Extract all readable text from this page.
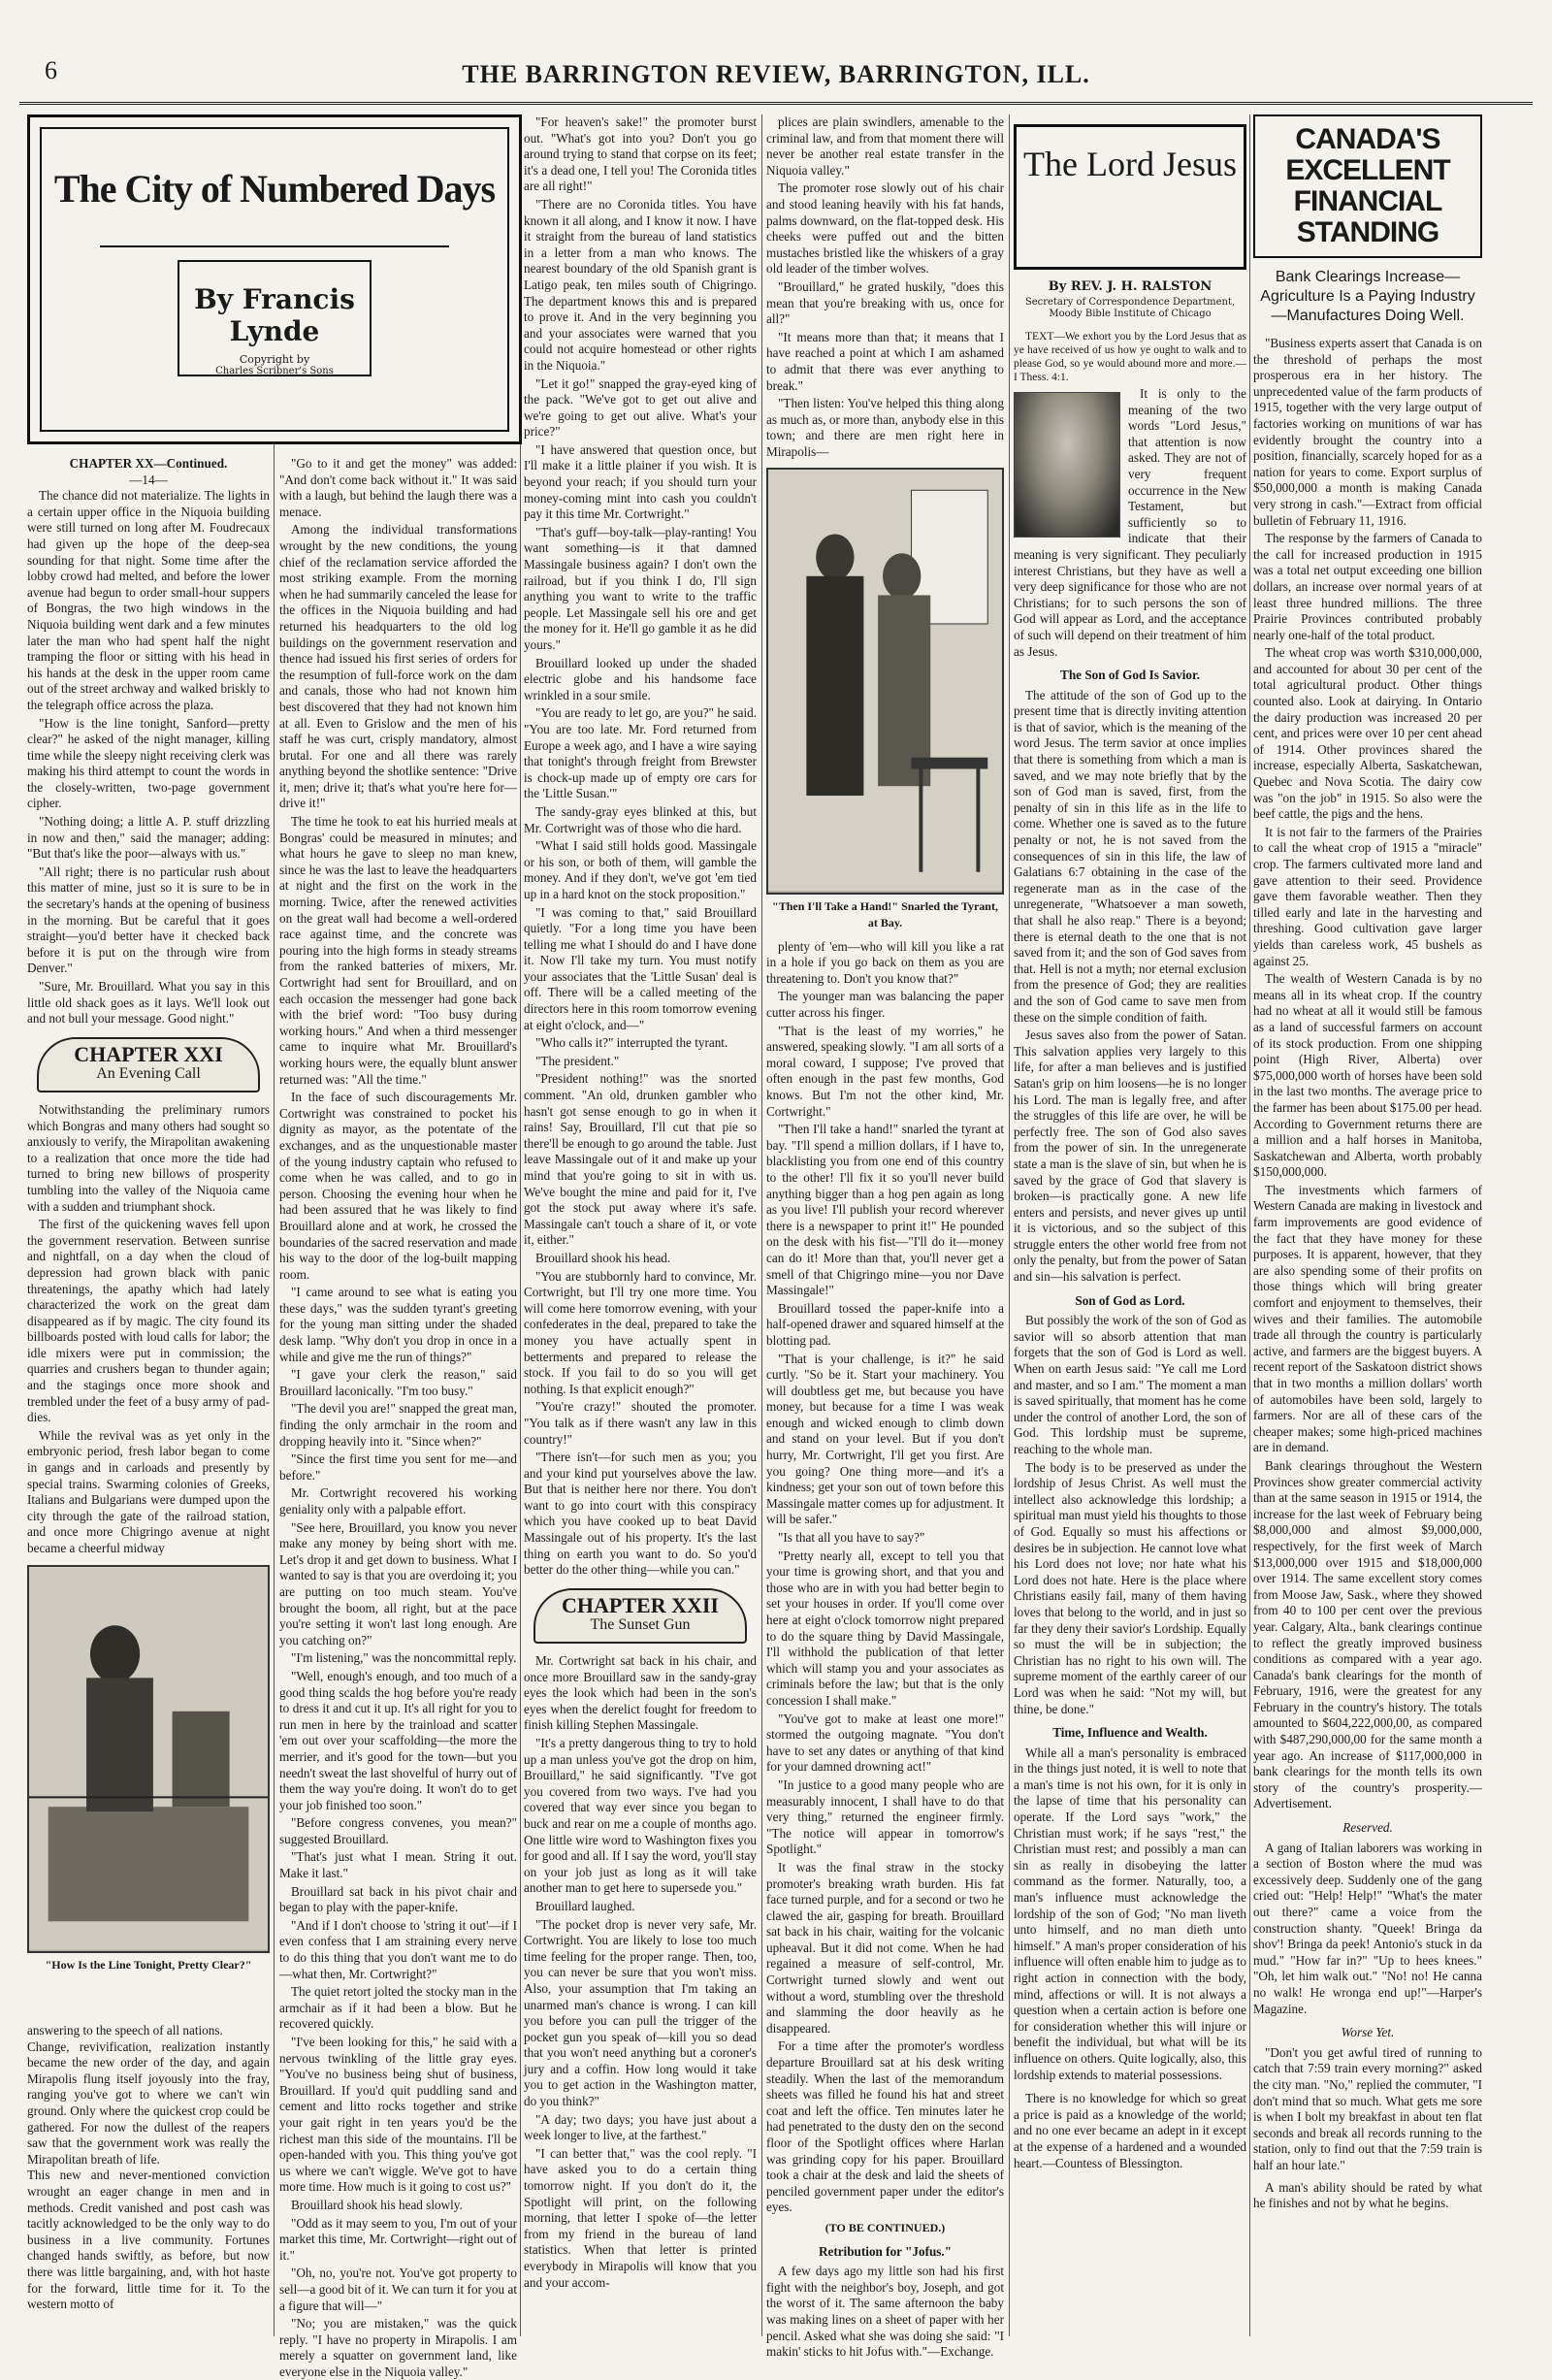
6	THE BARRINGTON REVIEW, BARRINGTON, ILL.
The City of Numbered Days
By Francis Lynde
Copyright by
Charles Scribner's Sons
CHAPTER XX—Continued.
—14—

The chance did not materialize. The lights in a certain upper office in the Niquoia building were still turned on long after M. Foudrecaux had given up the hope of the deep-sea sounding for that night. Some time after the lobby crowd had melted, and before the lower avenue had begun to order small-hour suppers of Bongras, the two high windows in the Niquoia building went dark and a few minutes later the man who had spent half the night tramping the floor or sitting with his head in his hands at the desk in the upper room came out of the street archway and walked briskly to the telegraph office across the plaza.

"How is the line tonight, Sanford—pretty clear?" he asked of the night manager, killing time while the sleepy night receiving clerk was making his third attempt to count the words in the closely-written, two-page government cipher.

"Nothing doing; a little A. P. stuff drizzling in now and then," said the manager; adding: "But that's like the poor—always with us."

"All right; there is no particular rush about this matter of mine, just so it is sure to be in the secretary's hands at the opening of business in the morning. But be careful that it goes straight—you'd better have it checked back before it is put on the through wire from Denver."

"Sure, Mr. Brouillard. What you say in this little old shack goes as it lays. We'll look out and not bull your message. Good night."

CHAPTER XXI
An Evening Call

Notwithstanding the preliminary rumors which Bongras and many others had sought so anxiously to verify, the Mirapolitan awakening to a realization that once more the tide had turned to bring new billows of prosperity tumbling into the valley of the Niquoia came with a sudden and triumphant shock.

The first of the quickening waves fell upon the government reservation. Between sunrise and nightfall, on a day when the cloud of depression had grown black with panic threatenings, the apathy which had lately characterized the work on the great dam disappeared as if by magic. The city found its billboards posted with loud calls for labor; the idle mixers were put in commission; the quarries and crushers began to thunder again; and the stagings once more shook and trembled under the feet of a busy army of pad-dies.

While the revival was as yet only in the embryonic period, fresh labor began to come in gangs and in carloads and presently by special trains. Swarming colonies of Greeks, Italians and Bulgarians were dumped upon the city through the gate of the railroad station, and once more Chigringo avenue at night became a cheerful midway

"How Is the Line Tonight, Pretty Clear?"

answering to the speech of all nations.

Change, revivification, realization instantly became the new order of the day, and again Mirapolis flung itself joyously into the fray, ranging you've got to where we can't win ground. Only where the quickest crop could be gathered. For now the dullest of the reapers saw that the government work was really the Mirapolitan breath of life.

This new and never-mentioned conviction wrought an eager change in men and in methods. Credit vanished and post cash was tacitly acknowledged to be the only way to do business in a live community. Fortunes changed hands swiftly, as before, but now there was little bargaining, and, with hot haste for the forward, little time for it. To the western motto of

"Go to it and get the money" was added: "And don't come back without it." It was said with a laugh, but behind the laugh there was a menace.

Among the individual transformations wrought by the new conditions, the young chief of the reclamation service afforded the most striking example. From the morning when he had summarily canceled the lease for the offices in the Niquoia building and had returned his headquarters to the old log buildings on the government reservation and thence had issued his first series of orders for the resumption of full-force work on the dam and canals, those who had not known him best discovered that they had not known him at all. Even to Grislow and the men of his staff he was curt, crisply mandatory, almost brutal. For one and all there was rarely anything beyond the shotlike sentence: "Drive it, men; drive it; that's what you're here for—drive it!"

The time he took to eat his hurried meals at Bongras' could be measured in minutes; and what hours he gave to sleep no man knew, since he was the last to leave the headquarters at night and the first on the work in the morning. Twice, after the renewed activities on the great wall had become a well-ordered race against time, and the concrete was pouring into the high forms in steady streams from the ranked batteries of mixers, Mr. Cortwright had sent for Brouillard, and on each occasion the messenger had gone back with the brief word: "Too busy during working hours." And when a third messenger came to inquire what Mr. Brouillard's working hours were, the equally blunt answer returned was: "All the time."

In the face of such discouragements Mr. Cortwright was constrained to pocket his dignity as mayor, as the potentate of the exchanges, and as the unquestionable master of the young industry captain who refused to come when he was called, and to go in person. Choosing the evening hour when he had been assured that he was likely to find Brouillard alone and at work, he crossed the boundaries of the sacred reservation and made his way to the door of the log-built mapping room.

"I came around to see what is eating you these days," was the sudden tyrant's greeting for the young man sitting under the shaded desk lamp. "Why don't you drop in once in a while and give me the run of things?"

"I gave your clerk the reason," said Brouillard laconically. "I'm too busy."

"The devil you are!" snapped the great man, finding the only armchair in the room and dropping heavily into it. "Since when?"

"Since the first time you sent for me—and before."

Mr. Cortwright recovered his working geniality only with a palpable effort.

"See here, Brouillard, you know you never make any money by being short with me. Let's drop it and get down to business. What I wanted to say is that you are overdoing it; you are putting on too much steam. You've brought the boom, all right, but at the pace you're setting it won't last long enough. Are you catching on?"

"I'm listening," was the noncommittal reply.

"Well, enough's enough, and too much of a good thing scalds the hog before you're ready to dress it and cut it up. It's all right for you to run men in here by the trainload and scatter 'em out over your scaffolding—the more the merrier, and it's good for the town—but you needn't sweat the last shovelful of hurry out of them the way you're doing. It won't do to get your job finished too soon."

"Before congress convenes, you mean?" suggested Brouillard.

"That's just what I mean. String it out. Make it last."

Brouillard sat back in his pivot chair and began to play with the paper-knife.

"And if I don't choose to 'string it out'—if I even confess that I am straining every nerve to do this thing that you don't want me to do—what then, Mr. Cortwright?"

The quiet retort jolted the stocky man in the armchair as if it had been a blow. But he recovered quickly.

"I've been looking for this," he said with a nervous twinkling of the little gray eyes. "You've no business being shut of business, Brouillard. If you'd quit puddling sand and cement and litto rocks together and strike your gait right in ten years you'd be the richest man this side of the mountains. I'll be open-handed with you. This thing you've got us where we can't wiggle. We've got to have more time. How much is it going to cost us?"

Brouillard shook his head slowly.

"Odd as it may seem to you, I'm out of your market this time, Mr. Cortwright—right out of it."

"Oh, no, you're not. You've got property to sell—a good bit of it. We can turn it for you at a figure that will—"

"No; you are mistaken," was the quick reply. "I have no property in Mirapolis. I am merely a squatter on government land, like everyone else in the Niquoia valley."

"For heaven's sake!" the promoter burst out. "What's got into you? Don't you go around trying to stand that corpse on its feet; it's a dead one, I tell you! The Coronida titles are all right!"

"There are no Coronida titles. You have known it all along, and I know it now. I have it straight from the bureau of land statistics in a letter from a man who knows. The nearest boundary of the old Spanish grant is Latigo peak, ten miles south of Chigringo. The department knows this and is prepared to prove it. And in the very beginning you and your associates were warned that you could not acquire homestead or other rights in the Niquoia."

"Let it go!" snapped the gray-eyed king of the pack. "We've got to get out alive and we're going to get out alive. What's your price?"

"I have answered that question once, but I'll make it a little plainer if you wish. It is beyond your reach; if you should turn your money-coming mint into cash you couldn't pay it this time Mr. Cortwright."

"That's guff—boy-talk—play-ranting! You want something—is it that damned Massingale business again? I don't own the railroad, but if you think I do, I'll sign anything you want to write to the traffic people. Let Massingale sell his ore and get the money for it. He'll go gamble it as he did yours."

Brouillard looked up under the shaded electric globe and his handsome face wrinkled in a sour smile.

"You are ready to let go, are you?" he said. "You are too late. Mr. Ford returned from Europe a week ago, and I have a wire saying that tonight's through freight from Brewster is chock-up made up of empty ore cars for the 'Little Susan.'"

The sandy-gray eyes blinked at this, but Mr. Cortwright was of those who die hard.

"What I said still holds good. Massingale or his son, or both of them, will gamble the money. And if they don't, we've got 'em tied up in a hard knot on the stock proposition."

"I was coming to that," said Brouillard quietly. "For a long time you have been telling me what I should do and I have done it. Now I'll take my turn. You must notify your associates that the 'Little Susan' deal is off. There will be a called meeting of the directors here in this room tomorrow evening at eight o'clock, and—"

"Who calls it?" interrupted the tyrant.

"The president."

"President nothing!" was the snorted comment. "An old, drunken gambler who hasn't got sense enough to go in when it rains! Say, Brouillard, I'll cut that pie so there'll be enough to go around the table. Just leave Massingale out of it and make up your mind that you're going to sit in with us. We've bought the mine and paid for it, I've got the stock put away where it's safe. Massingale can't touch a share of it, or vote it, either."

Brouillard shook his head.

"You are stubbornly hard to convince, Mr. Cortwright, but I'll try one more time. You will come here tomorrow evening, with your confederates in the deal, prepared to take the money you have actually spent in betterments and prepared to release the stock. If you fail to do so you will get nothing. Is that explicit enough?"

"You're crazy!" shouted the promoter. "You talk as if there wasn't any law in this country!"

"There isn't—for such men as you; you and your kind put yourselves above the law. But that is neither here nor there. You don't want to go into court with this conspiracy which you have cooked up to beat David Massingale out of his property. It's the last thing on earth you want to do. So you'd better do the other thing—while you can."

CHAPTER XXII
The Sunset Gun

Mr. Cortwright sat back in his chair, and once more Brouillard saw in the sandy-gray eyes the look which had been in the son's eyes when the derelict fought for freedom to finish killing Stephen Massingale.

"It's a pretty dangerous thing to try to hold up a man unless you've got the drop on him, Brouillard," he said significantly. "I've got you covered from two ways. I've had you covered that way ever since you began to buck and rear on me a couple of months ago. One little wire word to Washington fixes you for good and all. If I say the word, you'll stay on your job just as long as it will take another man to get here to supersede you."

Brouillard laughed.

"The pocket drop is never very safe, Mr. Cortwright. You are likely to lose too much time feeling for the proper range. Then, too, you can never be sure that you won't miss. Also, your assumption that I'm taking an unarmed man's chance is wrong. I can kill you before you can pull the trigger of the pocket gun you speak of—kill you so dead that you won't need anything but a coroner's jury and a coffin. How long would it take you to get action in the Washington matter, do you think?"

"A day; two days; you have just about a week longer to live, at the farthest."

"I can better that," was the cool reply. "I have asked you to do a certain thing tomorrow night. If you don't do it, the Spotlight will print, on the following morning, that letter I spoke of—the letter from my friend in the bureau of land statistics. When that letter is printed everybody in Mirapolis will know that you and your accom-

plices are plain swindlers, amenable to the criminal law, and from that moment there will never be another real estate transfer in the Niquoia valley."

The promoter rose slowly out of his chair and stood leaning heavily with his fat hands, palms downward, on the flat-topped desk. His cheeks were puffed out and the bitten mustaches bristled like the whiskers of a gray old leader of the timber wolves.

"Brouillard," he grated huskily, "does this mean that you're breaking with us, once for all?"

"It means more than that; it means that I have reached a point at which I am ashamed to admit that there was ever anything to break."

"Then listen: You've helped this thing along as much as, or more than, anybody else in this town; and there are men right here in Mirapolis—

"Then I'll Take a Hand!" Snarled the Tyrant, at Bay.

plenty of 'em—who will kill you like a rat in a hole if you go back on them as you are threatening to. Don't you know that?"

The younger man was balancing the paper cutter across his finger.

"That is the least of my worries," he answered, speaking slowly. "I am all sorts of a moral coward, I suppose; I've proved that often enough in the past few months, God knows. But I'm not the other kind, Mr. Cortwright."

"Then I'll take a hand!" snarled the tyrant at bay. "I'll spend a million dollars, if I have to, blacklisting you from one end of this country to the other! I'll fix it so you'll never build anything bigger than a hog pen again as long as you live! I'll publish your record wherever there is a newspaper to print it!" He pounded on the desk with his fist—"I'll do it—money can do it! More than that, you'll never get a smell of that Chigringo mine—you nor Dave Massingale!"

Brouillard tossed the paper-knife into a half-opened drawer and squared himself at the blotting pad.

"That is your challenge, is it?" he said curtly. "So be it. Start your machinery. You will doubtless get me, but because you have money, but because for a time I was weak enough and wicked enough to climb down and stand on your level. But if you don't hurry, Mr. Cortwright, I'll get you first. Are you going? One thing more—and it's a kindness; get your son out of town before this Massingale matter comes up for adjustment. It will be safer."

"Is that all you have to say?"

"Pretty nearly all, except to tell you that your time is growing short, and that you and those who are in with you had better begin to set your houses in order. If you'll come over here at eight o'clock tomorrow night prepared to do the square thing by David Massingale, I'll withhold the publication of that letter which will stamp you and your associates as criminals before the law; but that is the only concession I shall make."

"You've got to make at least one more!" stormed the outgoing magnate. "You don't have to set any dates or anything of that kind for your damned drowning act!"

"In justice to a good many people who are measurably innocent, I shall have to do that very thing," returned the engineer firmly. "The notice will appear in tomorrow's Spotlight."

It was the final straw in the stocky promoter's breaking wrath burden. His fat face turned purple, and for a second or two he clawed the air, gasping for breath. Brouillard sat back in his chair, waiting for the volcanic upheaval. But it did not come. When he had regained a measure of self-control, Mr. Cortwright turned slowly and went out without a word, stumbling over the threshold and slamming the door heavily as he disappeared.

For a time after the promoter's wordless departure Brouillard sat at his desk writing steadily. When the last of the memorandum sheets was filled he found his hat and street coat and left the office. Ten minutes later he had penetrated to the dusty den on the second floor of the Spotlight offices where Harlan was grinding copy for his paper. Brouillard took a chair at the desk and laid the sheets of penciled government paper under the editor's eyes.

(TO BE CONTINUED.)
Retribution for "Jofus."

A few days ago my little son had his first fight with the neighbor's boy, Joseph, and got the worst of it. The same afternoon the baby was making lines on a sheet of paper with her pencil. Asked what she was doing she said: "I makin' sticks to hit Jofus with."—Exchange.

The Lord Jesus
By REV. J. H. RALSTON
Secretary of Correspondence Department, Moody Bible Institute of Chicago

TEXT—We exhort you by the Lord Jesus that as ye have received of us how ye ought to walk and to please God, so ye would abound more and more.—I Thess. 4:1.

It is only to the meaning of the two words "Lord Jesus," that attention is now asked. They are not of very frequent occurrence in the New Testament, but sufficiently so to indicate that their meaning is very significant. They peculiarly interest Christians, but they have as well a very deep significance for those who are not Christians; for to such persons the son of God will appear as Lord, and the acceptance of such will depend on their treatment of him as Jesus.

The Son of God Is Savior.

The attitude of the son of God up to the present time that is directly inviting attention is that of savior, which is the meaning of the word Jesus. The term savior at once implies that there is something from which a man is saved, and we may note briefly that by the son of God man is saved, first, from the penalty of sin in this life as in the life to come. Whether one is saved as to the future penalty or not, he is not saved from the consequences of sin in this life, the law of Galatians 6:7 obtaining in the case of the regenerate man as in the case of the unregenerate, "Whatsoever a man soweth, that shall he also reap." There is a beyond; there is eternal death to the one that is not saved from it; and the son of God saves from that. Hell is not a myth; nor eternal exclusion from the presence of God; they are realities and the son of God came to save men from these on the simple condition of faith.

Jesus saves also from the power of Satan. This salvation applies very largely to this life, for after a man believes and is justified Satan's grip on him loosens—he is no longer his Lord. The man is legally free, and after the struggles of this life are over, he will be perfectly free. The son of God also saves from the power of sin. In the unregenerate state a man is the slave of sin, but when he is saved by the grace of God that slavery is broken—is practically gone. A new life enters and persists, and never gives up until it is victorious, and so the subject of this struggle enters the other world free from not only the penalty, but from the power of Satan and sin—his salvation is perfect.

Son of God as Lord.

But possibly the work of the son of God as savior will so absorb attention that man forgets that the son of God is Lord as well. When on earth Jesus said: "Ye call me Lord and master, and so I am." The moment a man is saved spiritually, that moment has he come under the control of another Lord, the son of God. This lordship must be supreme, reaching to the whole man.

The body is to be preserved as under the lordship of Jesus Christ. As well must the intellect also acknowledge this lordship; a spiritual man must yield his thoughts to those of God. Equally so must his affections or desires be in subjection. He cannot love what his Lord does not love; nor hate what his Lord does not hate. Here is the place where Christians easily fail, many of them having loves that belong to the world, and in just so far they deny their savior's Lordship. Equally so must the will be in subjection; the Christian has no right to his own will. The supreme moment of the earthly career of our Lord was when he said: "Not my will, but thine, be done."

Time, Influence and Wealth.

While all a man's personality is embraced in the things just noted, it is well to note that a man's time is not his own, for it is only in the lapse of time that his personality can operate. If the Lord says "work," the Christian must work; if he says "rest," the Christian must rest; and possibly a man can sin as really in disobeying the latter command as the former. Naturally, too, a man's influence must acknowledge the lordship of the son of God; "No man liveth unto himself, and no man dieth unto himself." A man's proper consideration of his influence will often enable him to judge as to right action in connection with the body, mind, affections or will. It is not always a question when a certain action is before one for consideration whether this will injure or benefit the individual, but what will be its influence on others. Quite logically, also, this lordship extends to material possessions.

There is no knowledge for which so great a price is paid as a knowledge of the world; and no one ever became an adept in it except at the expense of a hardened and a wounded heart.—Countess of Blessington.

CANADA'S EXCELLENT FINANCIAL STANDING
Bank Clearings Increase—Agriculture Is a Paying Industry—Manufactures Doing Well.

"Business experts assert that Canada is on the threshold of perhaps the most prosperous era in her history. The unprecedented value of the farm products of 1915, together with the very large output of factories working on munitions of war has evidently brought the country into a position, financially, scarcely hoped for as a nation for years to come. Export surplus of $50,000,000 a month is making Canada very strong in cash."—Extract from official bulletin of February 11, 1916.

The response by the farmers of Canada to the call for increased production in 1915 was a total net output exceeding one billion dollars, an increase over normal years of at least three hundred millions. The three Prairie Provinces contributed probably nearly one-half of the total product.

The wheat crop was worth $310,000,000, and accounted for about 30 per cent of the total agricultural product. Other things counted also. Look at dairying. In Ontario the dairy production was increased 20 per cent, and prices were over 10 per cent ahead of 1914. Other provinces shared the increase, especially Alberta, Saskatchewan, Quebec and Nova Scotia. The dairy cow was "on the job" in 1915. So also were the beef cattle, the pigs and the hens.

It is not fair to the farmers of the Prairies to call the wheat crop of 1915 a "miracle" crop. The farmers cultivated more land and gave attention to their seed. Providence gave them favorable weather. Then they tilled early and late in the harvesting and threshing. Good cultivation gave larger yields than careless work, 45 bushels as against 25.

The wealth of Western Canada is by no means all in its wheat crop. If the country had no wheat at all it would still be famous as a land of successful farmers on account of its stock production. From one shipping point (High River, Alberta) over $75,000,000 worth of horses have been sold in the last two months. The average price to the farmer has been about $175.00 per head. According to Government returns there are a million and a half horses in Manitoba, Saskatchewan and Alberta, worth probably $150,000,000.

The investments which farmers of Western Canada are making in livestock and farm improvements are good evidence of the fact that they have money for these purposes. It is apparent, however, that they are also spending some of their profits on those things which will bring greater comfort and enjoyment to themselves, their wives and their families. The automobile trade all through the country is particularly active, and farmers are the biggest buyers. A recent report of the Saskatoon district shows that in two months a million dollars' worth of automobiles have been sold, largely to farmers. Nor are all of these cars of the cheaper makes; some high-priced machines are in demand.

Bank clearings throughout the Western Provinces show greater commercial activity than at the same season in 1915 or 1914, the increase for the last week of February being $8,000,000 and almost $9,000,000, respectively, for the first week of March $13,000,000 over 1915 and $18,000,000 over 1914. The same excellent story comes from Moose Jaw, Sask., where they showed from 40 to 100 per cent over the previous year. Calgary, Alta., bank clearings continue to reflect the greatly improved business conditions as compared with a year ago. Canada's bank clearings for the month of February, 1916, were the greatest for any February in the country's history. The totals amounted to $604,222,000,00, as compared with $487,290,000,00 for the same month a year ago. An increase of $117,000,000 in bank clearings for the month tells its own story of the country's prosperity.—Advertisement.

Reserved.

A gang of Italian laborers was working in a section of Boston where the mud was excessively deep. Suddenly one of the gang cried out: "Help! Help!" "What's the mater out there?" came a voice from the construction shanty. "Queek! Bringa da shov'! Bringa da peek! Antonio's stuck in da mud." "How far in?" "Up to hees knees." "Oh, let him walk out." "No! no! He canna no walk! He wronga end up!"—Harper's Magazine.

Worse Yet.

"Don't you get awful tired of running to catch that 7:59 train every morning?" asked the city man. "No," replied the commuter, "I don't mind that so much. What gets me sore is when I bolt my breakfast in about ten flat seconds and break all records running to the station, only to find out that the 7:59 train is half an hour late."

A man's ability should be rated by what he finishes and not by what he begins.
